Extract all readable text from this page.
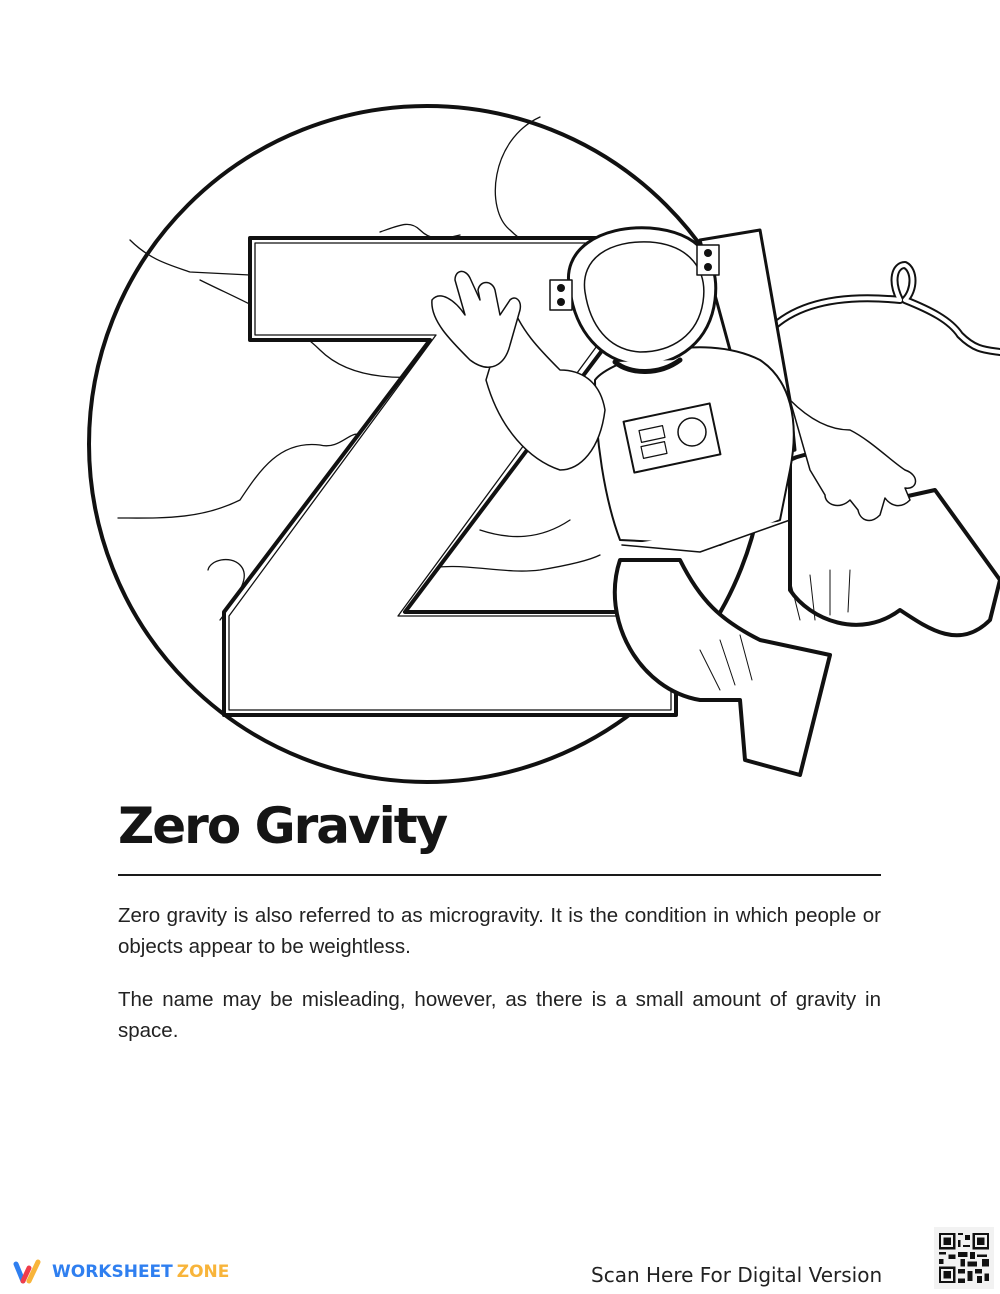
Zero Gravity

Zero gravity is also referred to as microgravity. It is the condition in which people or objects appear to be weightless.

The name may be misleading, however, as there is a small amount of gravity in space.

WORKSHEET ZONE	Scan Here For Digital Version
